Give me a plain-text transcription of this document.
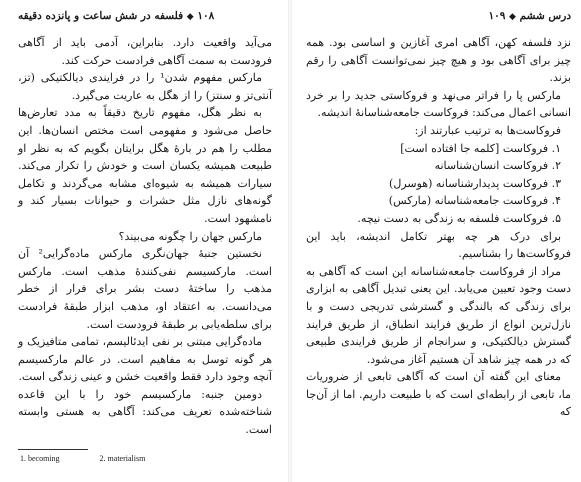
۱۰۸ ◆ فلسفه در شش ساعت و پانزده دقیقه

می‌آید واقعیت دارد. بنابراین، آدمی باید از آگاهی فرودست به سمت آگاهی فرادست حرکت کند.

مارکس مفهوم شدن¹ را در فرایندی دیالکتیکی (تز، آنتی‌تز و سنتز) را از هگل به عاریت می‌گیرد.

به نظر هگل، مفهوم تاریخ دقیقاً به مدد تعارض‌ها حاصل می‌شود و مفهومی است مختص انسان‌ها. این مطلب را هم در بارهٔ هگل برایتان بگویم که به نظر او طبیعت همیشه یکسان است و خودش را تکرار می‌کند. سیارات همیشه به شیوه‌ای مشابه می‌گردند و تکامل گونه‌های نازل مثل حشرات و حیوانات بسیار کند و نامشهود است.

مارکس جهان را چگونه می‌بیند؟

نخستین جنبهٔ جهان‌نگری مارکس ماده‌گرایی² آن است. مارکسیسم نفی‌کنندهٔ مذهب است. مارکس مذهب را ساختهٔ دست بشر برای فرار از خطر می‌دانست. به اعتقاد او، مذهب ابزار طبقهٔ فرادست برای سلطه‌یابی بر طبقهٔ فرودست است.

ماده‌گرایی مبتنی بر نفی ایدئالیسم، تمامی متافیزیک و هر گونه توسل به مفاهیم است. در عالم مارکسیسم آنچه وجود دارد فقط واقعیت خشن و عینی زندگی است.

دومین جنبه: مارکسیسم خود را با این قاعده شناخته‌شده تعریف می‌کند: آگاهی به هستی وابسته است.

1. becoming	2. materialism
درس ششم ◆ ۱۰۹

نزد فلسفه کهن، آگاهی امری آغازین و اساسی بود. همه چیز برای آگاهی بود و هیچ چیز نمی‌توانست آگاهی را رقم بزند.

مارکس پا را فراتر می‌نهد و فروکاستی جدید را بر خرد انسانی اعمال می‌کند: فروکاست جامعه‌شناسانهٔ اندیشه.

فروکاست‌ها به ترتیب عبارتند از:

۱. فروکاست [کلمه جا افتاده است]
۲. فروکاست انسان‌شناسانه
۳. فروکاست پدیدارشناسانه (هوسرل)
۴. فروکاست جامعه‌شناسانه (مارکس)
۵. فروکاست فلسفه به زندگی به دست نیچه.

برای درک هر چه بهتر تکامل اندیشه، باید این فروکاست‌ها را بشناسیم.

مراد از فروکاست جامعه‌شناسانه این است که آگاهی به دست وجود تعیین می‌یابد. این یعنی تبدیل آگاهی به ابزاری برای زندگی که بالندگی و گسترشی تدریجی دست و با نازل‌ترین انواع از طریق فرایند انطباق، از طریق فرایند گسترش دیالکتیکی، و سرانجام از طریق فرایندی طبیعی که در همه چیز شاهد آن هستیم آغاز می‌شود.

معنای این گفته آن است که آگاهی تابعی از ضروریات ما، تابعی از رابطه‌ای است که با طبیعت داریم. اما از آن‌جا که
